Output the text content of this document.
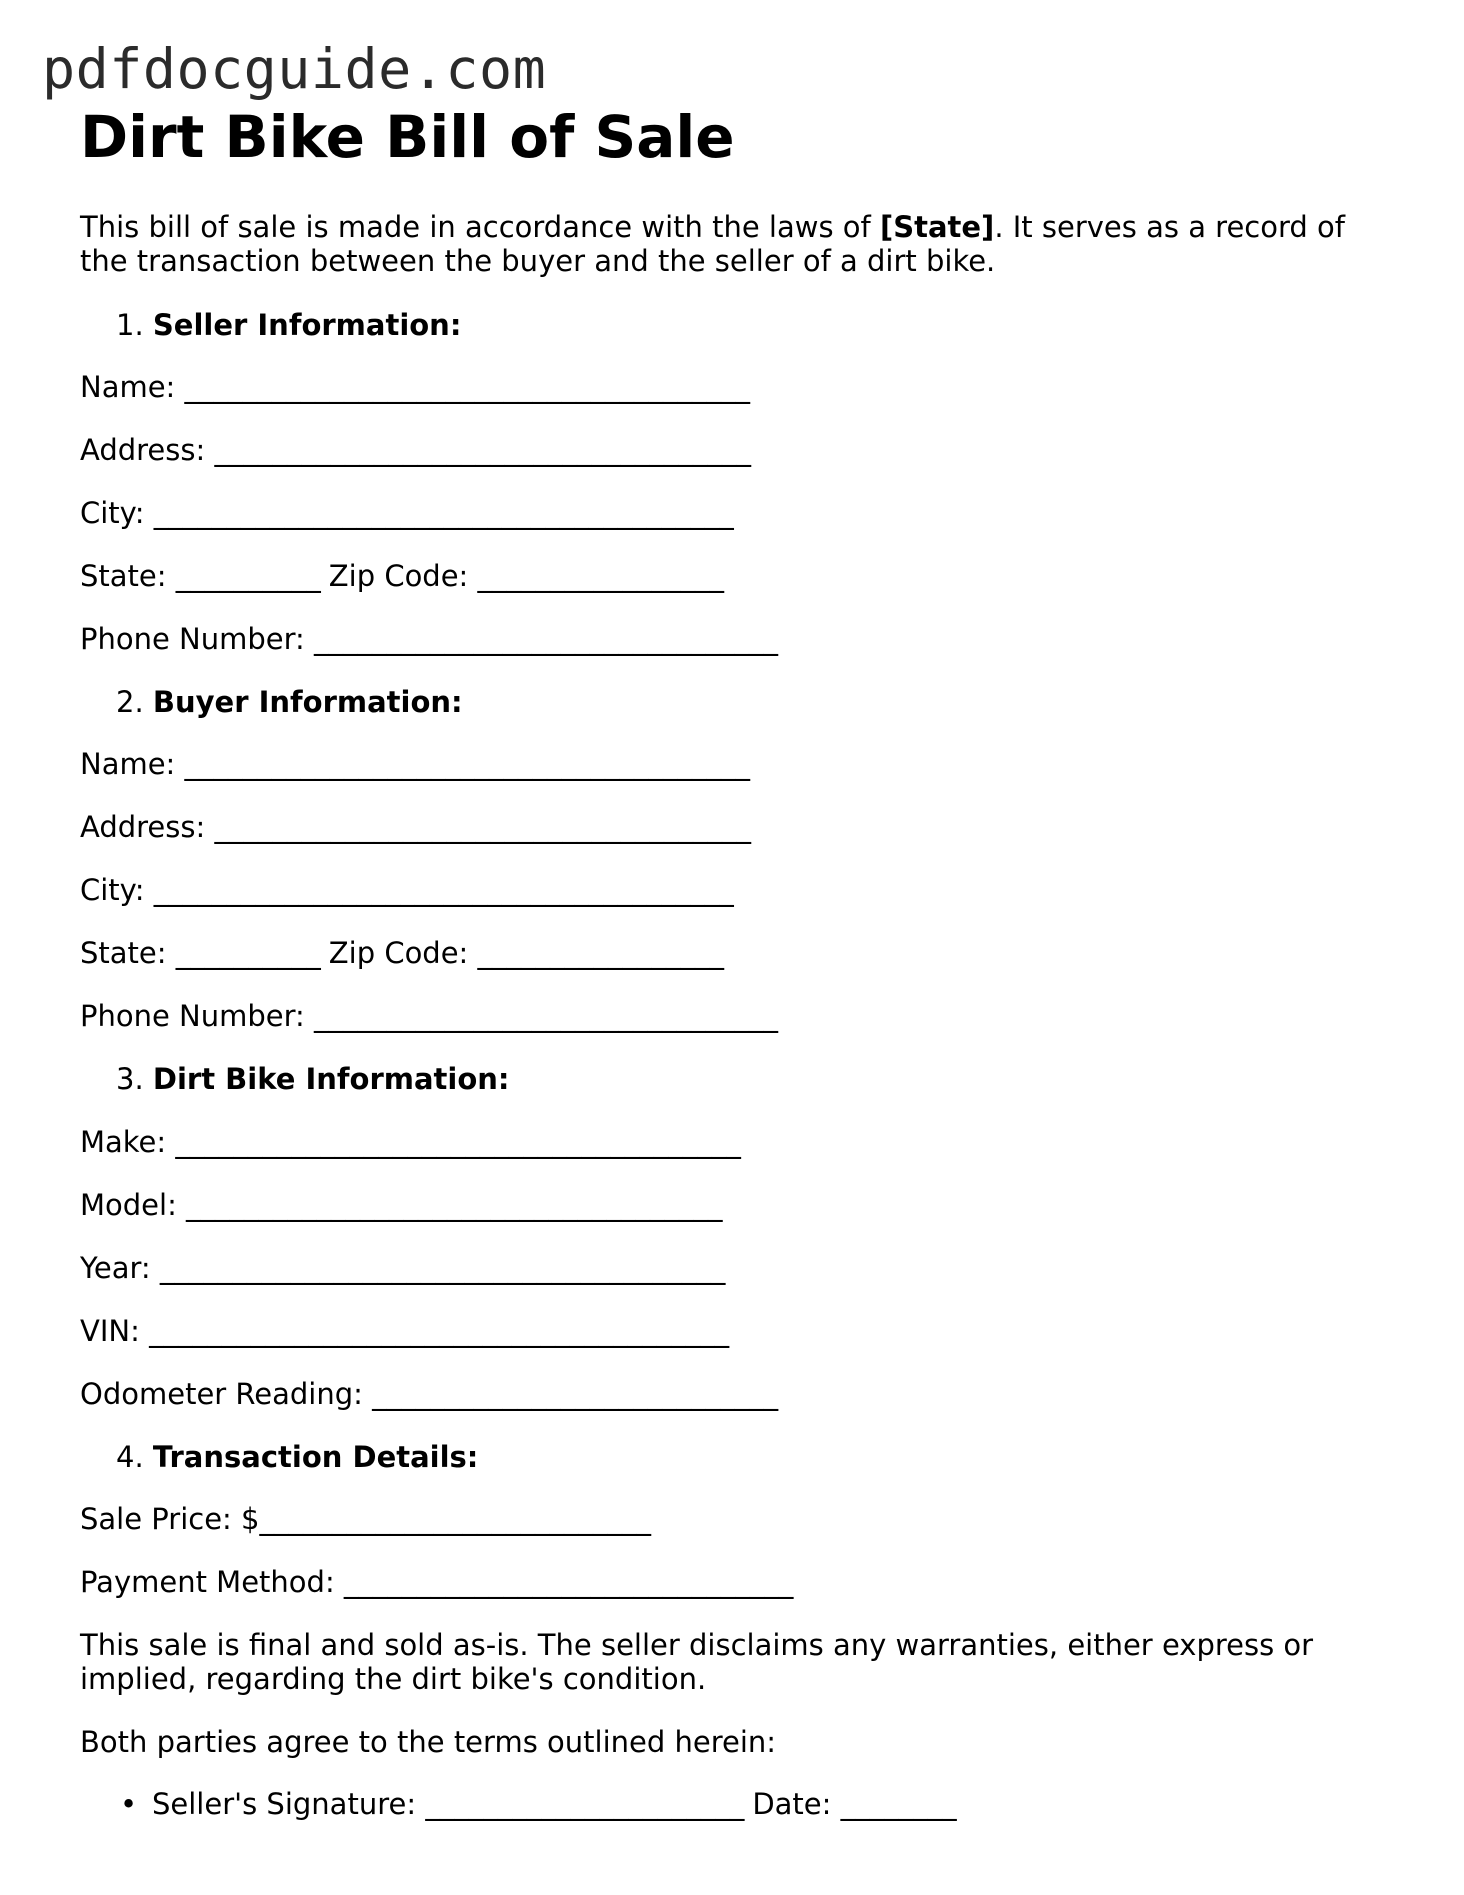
pdfdocguide.com
Dirt Bike Bill of Sale

This bill of sale is made in accordance with the laws of [State]. It serves as a record of the transaction between the buyer and the seller of a dirt bike.

1. Seller Information:
Name: _______________________________________
Address: _____________________________________
City: ________________________________________
State: __________ Zip Code: _________________
Phone Number: ________________________________
2. Buyer Information:
Name: _______________________________________
Address: _____________________________________
City: ________________________________________
State: __________ Zip Code: _________________
Phone Number: ________________________________
3. Dirt Bike Information:
Make: _______________________________________
Model: _____________________________________
Year: _______________________________________
VIN: ________________________________________
Odometer Reading: ____________________________
4. Transaction Details:
Sale Price: $___________________________
Payment Method: _______________________________

This sale is final and sold as-is. The seller disclaims any warranties, either express or implied, regarding the dirt bike's condition.

Both parties agree to the terms outlined herein:

• Seller's Signature: ______________________ Date: ________
